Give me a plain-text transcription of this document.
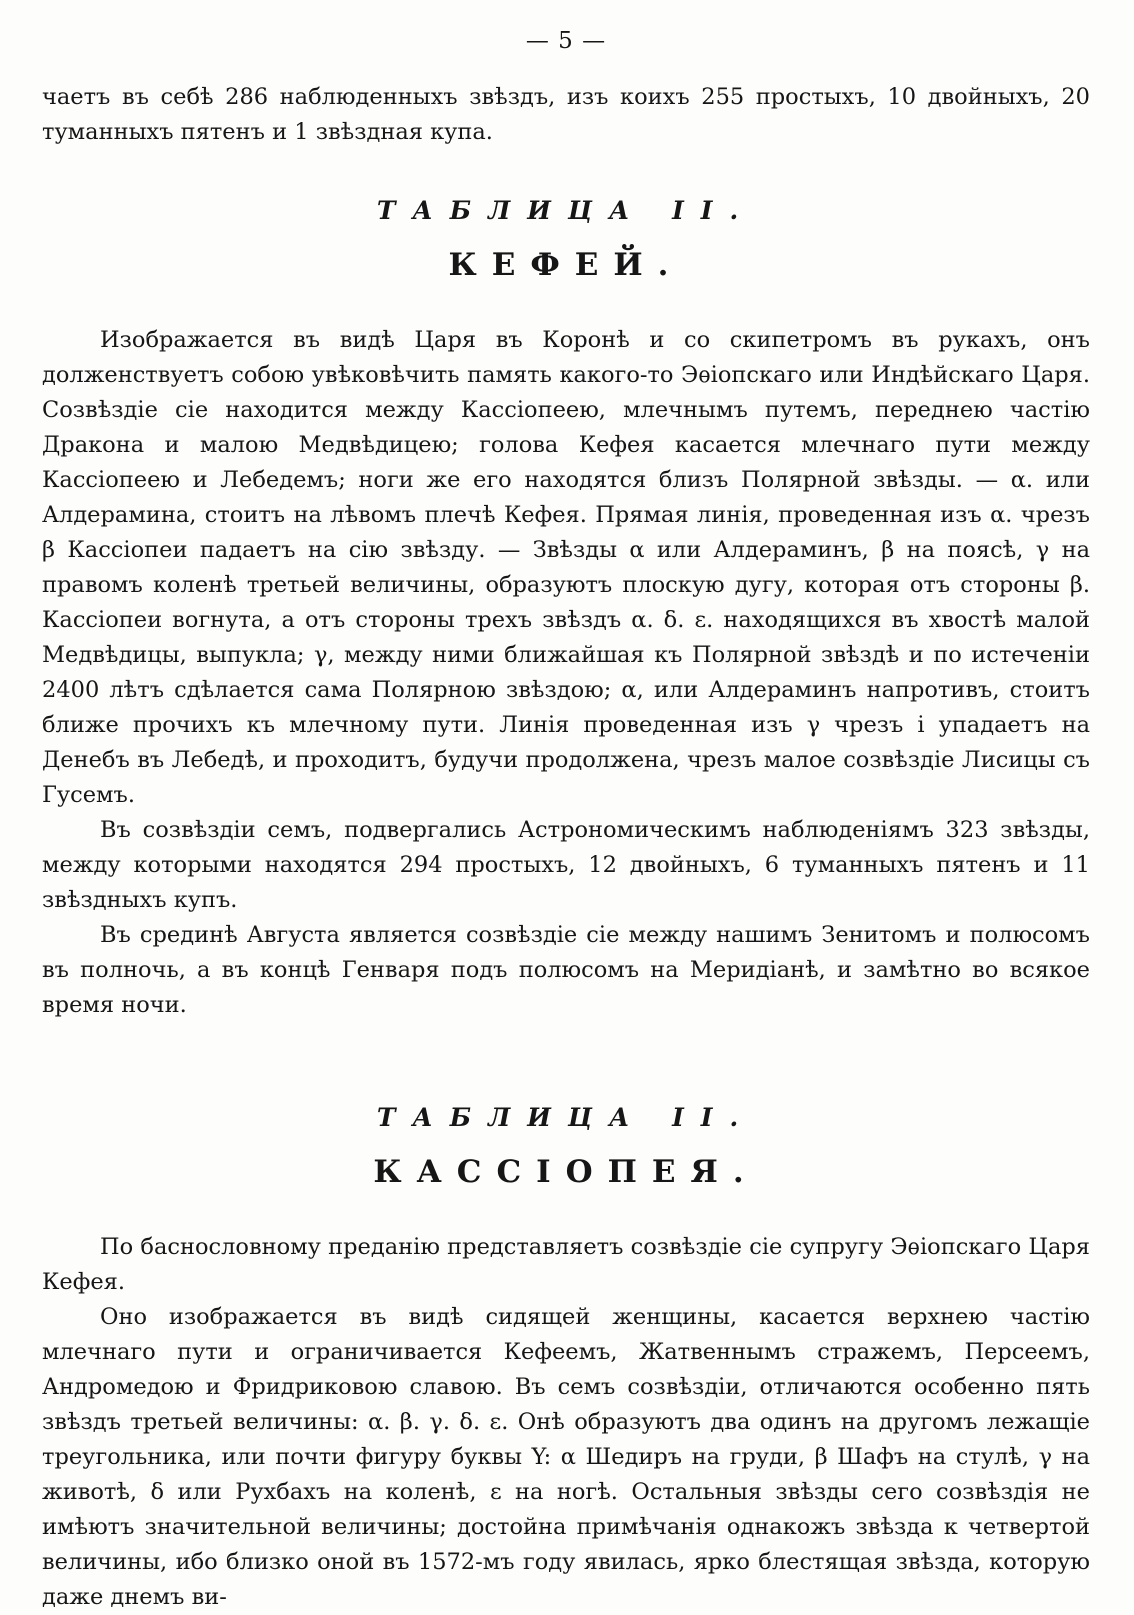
— 5 —

чаетъ въ себѣ 286 наблюденныхъ звѣздъ, изъ коихъ 255 простыхъ, 10 двойныхъ, 20 туманныхъ пятенъ и 1 звѣздная купа.

ТАБЛИЦА II.
КЕФЕЙ.

Изображается въ видѣ Царя въ Коронѣ и со скипетромъ въ рукахъ, онъ долженствуетъ собою увѣковѣчить память какого-то Эѳіопскаго или Индѣйскаго Царя. Созвѣздіе сіе находится между Кассіопеею, млечнымъ путемъ, переднею частію Дракона и малою Медвѣдицею; голова Кефея касается млечнаго пути между Кассіопеею и Лебедемъ; ноги же его находятся близъ Полярной звѣзды. — α. или Алдерамина, стоитъ на лѣвомъ плечѣ Кефея. Прямая линія, проведенная изъ α. чрезъ β Кассіопеи падаетъ на сію звѣзду. — Звѣзды α или Алдераминъ, β на поясѣ, γ на правомъ коленѣ третьей величины, образуютъ плоскую дугу, которая отъ стороны β. Кассіопеи вогнута, а отъ стороны трехъ звѣздъ α. δ. ε. находящихся въ хвостѣ малой Медвѣдицы, выпукла; γ, между ними ближайшая къ Полярной звѣздѣ и по истеченіи 2400 лѣтъ сдѣлается сама Полярною звѣздою; α, или Алдераминъ напротивъ, стоитъ ближе прочихъ къ млечному пути. Линія проведенная изъ γ чрезъ і упадаетъ на Денебъ въ Лебедѣ, и проходитъ, будучи продолжена, чрезъ малое созвѣздіе Лисицы съ Гусемъ.

Въ созвѣздіи семъ, подвергались Астрономическимъ наблюденіямъ 323 звѣзды, между которыми находятся 294 простыхъ, 12 двойныхъ, 6 туманныхъ пятенъ и 11 звѣздныхъ купъ.

Въ срединѣ Августа является созвѣздіе сіе между нашимъ Зенитомъ и полюсомъ въ полночь, а въ концѣ Генваря подъ полюсомъ на Меридіанѣ, и замѣтно во всякое время ночи.

ТАБЛИЦА II.
КАССІОПЕЯ.

По баснословному преданію представляетъ созвѣздіе сіе супругу Эѳіопскаго Царя Кефея.

Оно изображается въ видѣ сидящей женщины, касается верхнею частію млечнаго пути и ограничивается Кефеемъ, Жатвеннымъ стражемъ, Персеемъ, Андромедою и Фридриковою славою. Въ семъ созвѣздіи, отличаются особенно пять звѣздъ третьей величины: α. β. γ. δ. ε. Онѣ образуютъ два одинъ на другомъ лежащіе треугольника, или почти фигуру буквы Y: α Шедиръ на груди, β Шафъ на стулѣ, γ на животѣ, δ или Рухбахъ на коленѣ, ε на ногѣ. Остальныя звѣзды сего созвѣздія не имѣютъ значительной величины; достойна примѣчанія однакожъ звѣзда κ четвертой величины, ибо близко оной въ 1572-мъ году явилась, ярко блестящая звѣзда, которую даже днемъ ви-
